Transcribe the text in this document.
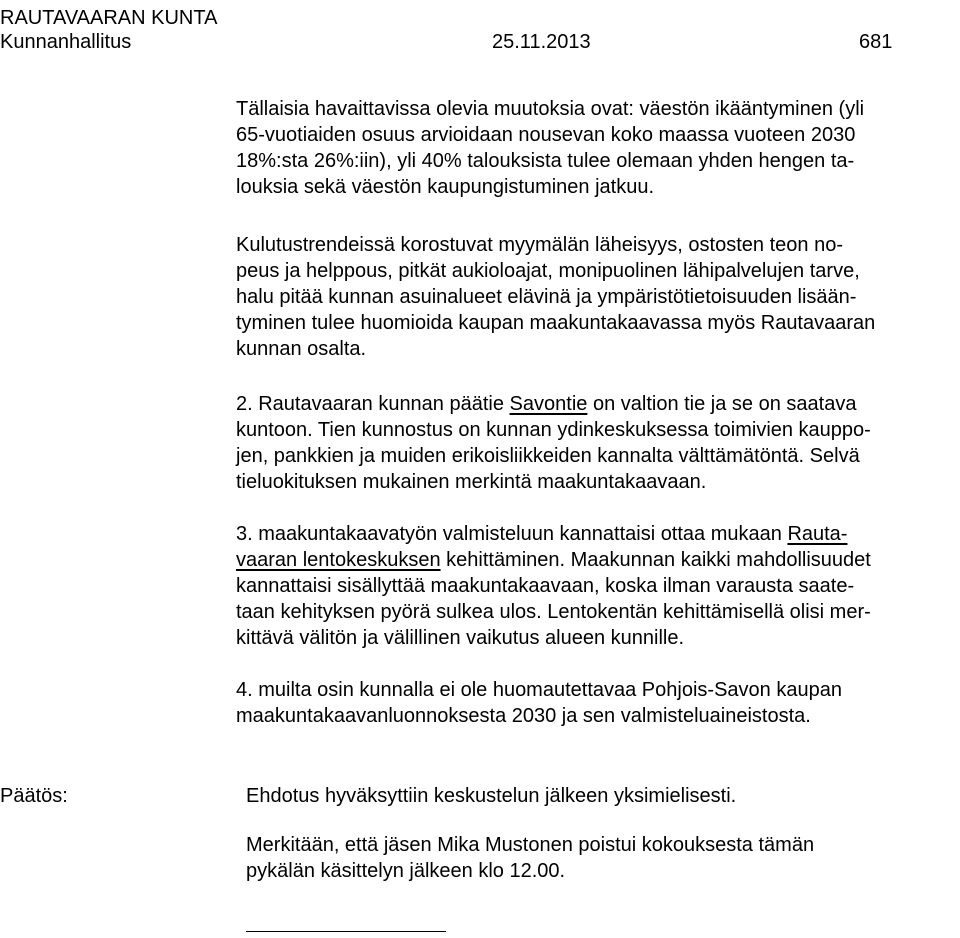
RAUTAVAARAN KUNTA
Kunnanhallitus	25.11.2013	681
Tällaisia havaittavissa olevia muutoksia ovat: väestön ikääntyminen (yli
65-vuotiaiden osuus arvioidaan nousevan koko maassa vuoteen 2030
18%:sta 26%:iin), yli 40% talouksista tulee olemaan yhden hengen ta-
louksia sekä väestön kaupungistuminen jatkuu.
Kulutustrendeissä korostuvat myymälän läheisyys, ostosten teon no-
peus ja helppous, pitkät aukioloajat, monipuolinen lähipalvelujen tarve,
halu pitää kunnan asuinalueet elävinä ja ympäristötietoisuuden lisään-
tyminen tulee huomioida kaupan maakuntakaavassa myös Rautavaaran
kunnan osalta.
2. Rautavaaran kunnan päätie Savontie on valtion tie ja se on saatava
kuntoon. Tien kunnostus on kunnan ydinkeskuksessa toimivien kauppo-
jen, pankkien ja muiden erikoisliikkeiden kannalta välttämätöntä. Selvä
tieluokituksen mukainen merkintä maakuntakaavaan.
3. maakuntakaavatyön valmisteluun kannattaisi ottaa mukaan Rauta-
vaaran lentokeskuksen kehittäminen. Maakunnan kaikki mahdollisuudet
kannattaisi sisällyttää maakuntakaavaan, koska ilman varausta saate-
taan kehityksen pyörä sulkea ulos. Lentokentän kehittämisellä olisi mer-
kittävä välitön ja välillinen vaikutus alueen kunnille.
4. muilta osin kunnalla ei ole huomautettavaa Pohjois-Savon kaupan
maakuntakaavanluonnoksesta 2030 ja sen valmisteluaineistosta.
Päätös:	Ehdotus hyväksyttiin keskustelun jälkeen yksimielisesti.
Merkitään, että jäsen Mika Mustonen poistui kokouksesta tämän
pykälän käsittelyn jälkeen klo 12.00.
